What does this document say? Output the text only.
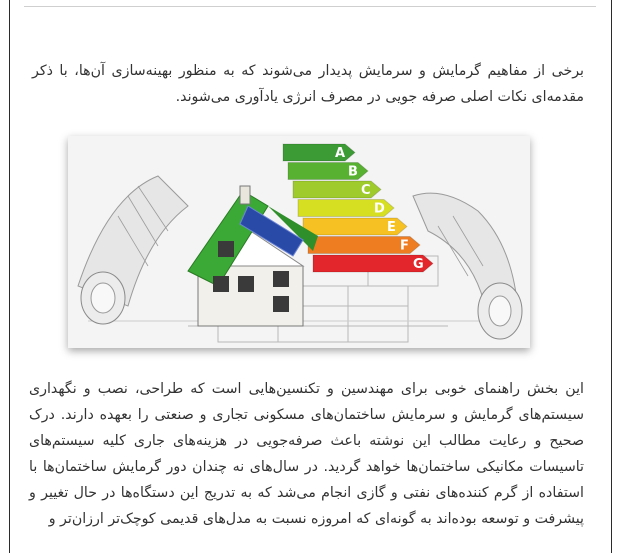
برخی از مفاهیم گرمایش و سرمایش پدیدار می‌شوند که به منظور بهینه‌سازی آن‌ها، با ذکر مقدمه‌ای نکات اصلی صرفه جویی در مصرف انرژی یادآوری می‌شوند.

A
B
C
D
E
F
G

این بخش راهنمای خوبی برای مهندسین و تکنسین‌هایی است که طراحی، نصب و نگهداری سیستم‌های گرمایش و سرمایش ساختمان‌های مسکونی تجاری و صنعتی را بعهده دارند. درک صحیح و رعایت مطالب این نوشته باعث صرفه‌جویی در هزینه‌های جاری کلیه سیستم‌های تاسیسات مکانیکی ساختمان‌ها خواهد گردید. در سال‌های نه چندان دور گرمایش ساختمان‌ها با استفاده از گرم کننده‌های نفتی و گازی انجام می‌شد که به تدریج این دستگاه‌ها در حال تغییر و پیشرفت و توسعه بوده‌اند به گونه‌ای که امروزه نسبت به مدل‌های قدیمی کوچک‌تر ارزان‌تر و
